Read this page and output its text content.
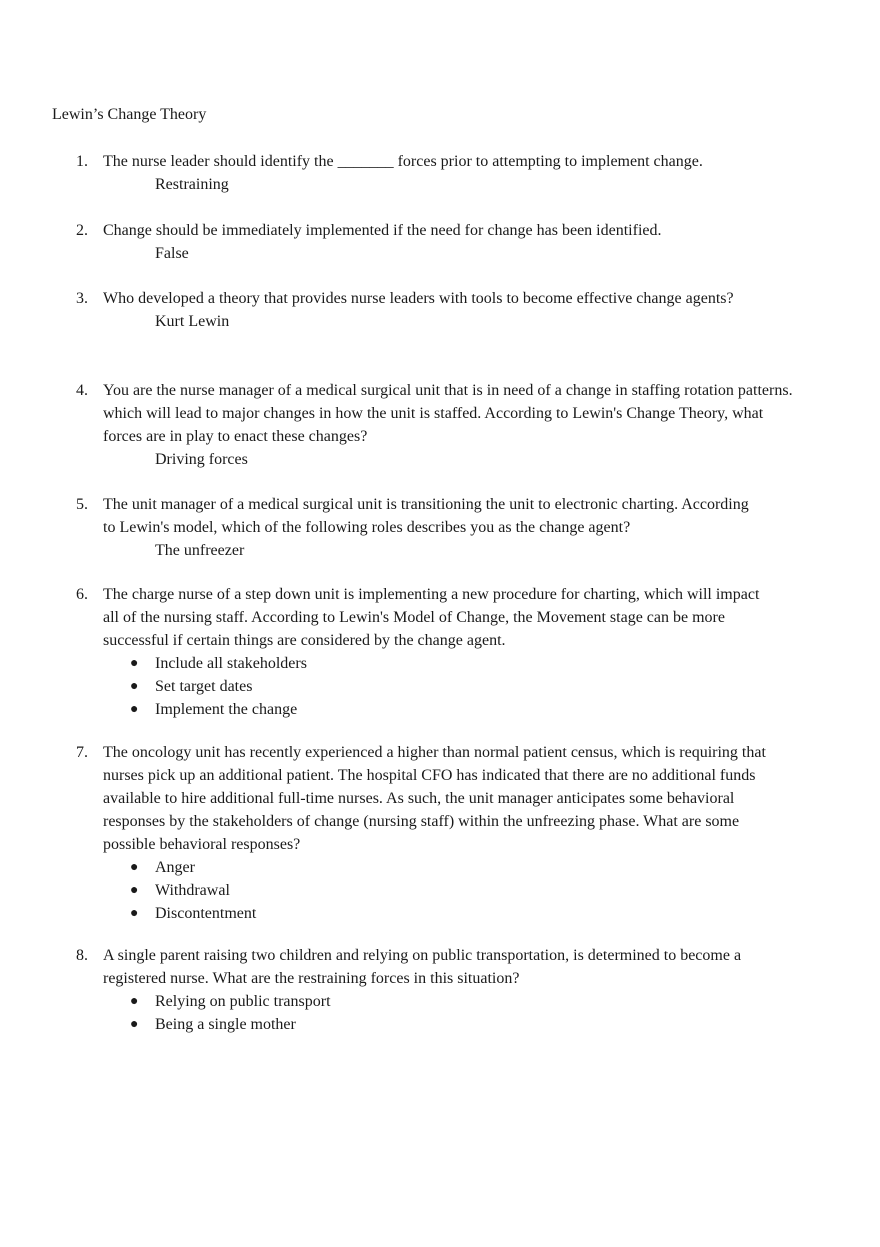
Lewin’s Change Theory
1. The nurse leader should identify the _______ forces prior to attempting to implement change.

Restraining

2. Change should be immediately implemented if the need for change has been identified.

False

3. Who developed a theory that provides nurse leaders with tools to become effective change agents?

Kurt Lewin

4. You are the nurse manager of a medical surgical unit that is in need of a change in staffing rotation patterns. which will lead to major changes in how the unit is staffed. According to Lewin's Change Theory, what forces are in play to enact these changes?

Driving forces

5. The unit manager of a medical surgical unit is transitioning the unit to electronic charting. According to Lewin's model, which of the following roles describes you as the change agent?

The unfreezer

6. The charge nurse of a step down unit is implementing a new procedure for charting, which will impact all of the nursing staff. According to Lewin's Model of Change, the Movement stage can be more successful if certain things are considered by the change agent.

● Include all stakeholders
● Set target dates
● Implement the change
7. The oncology unit has recently experienced a higher than normal patient census, which is requiring that nurses pick up an additional patient. The hospital CFO has indicated that there are no additional funds available to hire additional full-time nurses. As such, the unit manager anticipates some behavioral responses by the stakeholders of change (nursing staff) within the unfreezing phase. What are some possible behavioral responses?

● Anger
● Withdrawal
● Discontentment
8. A single parent raising two children and relying on public transportation, is determined to become a registered nurse. What are the restraining forces in this situation?

● Relying on public transport
● Being a single mother
